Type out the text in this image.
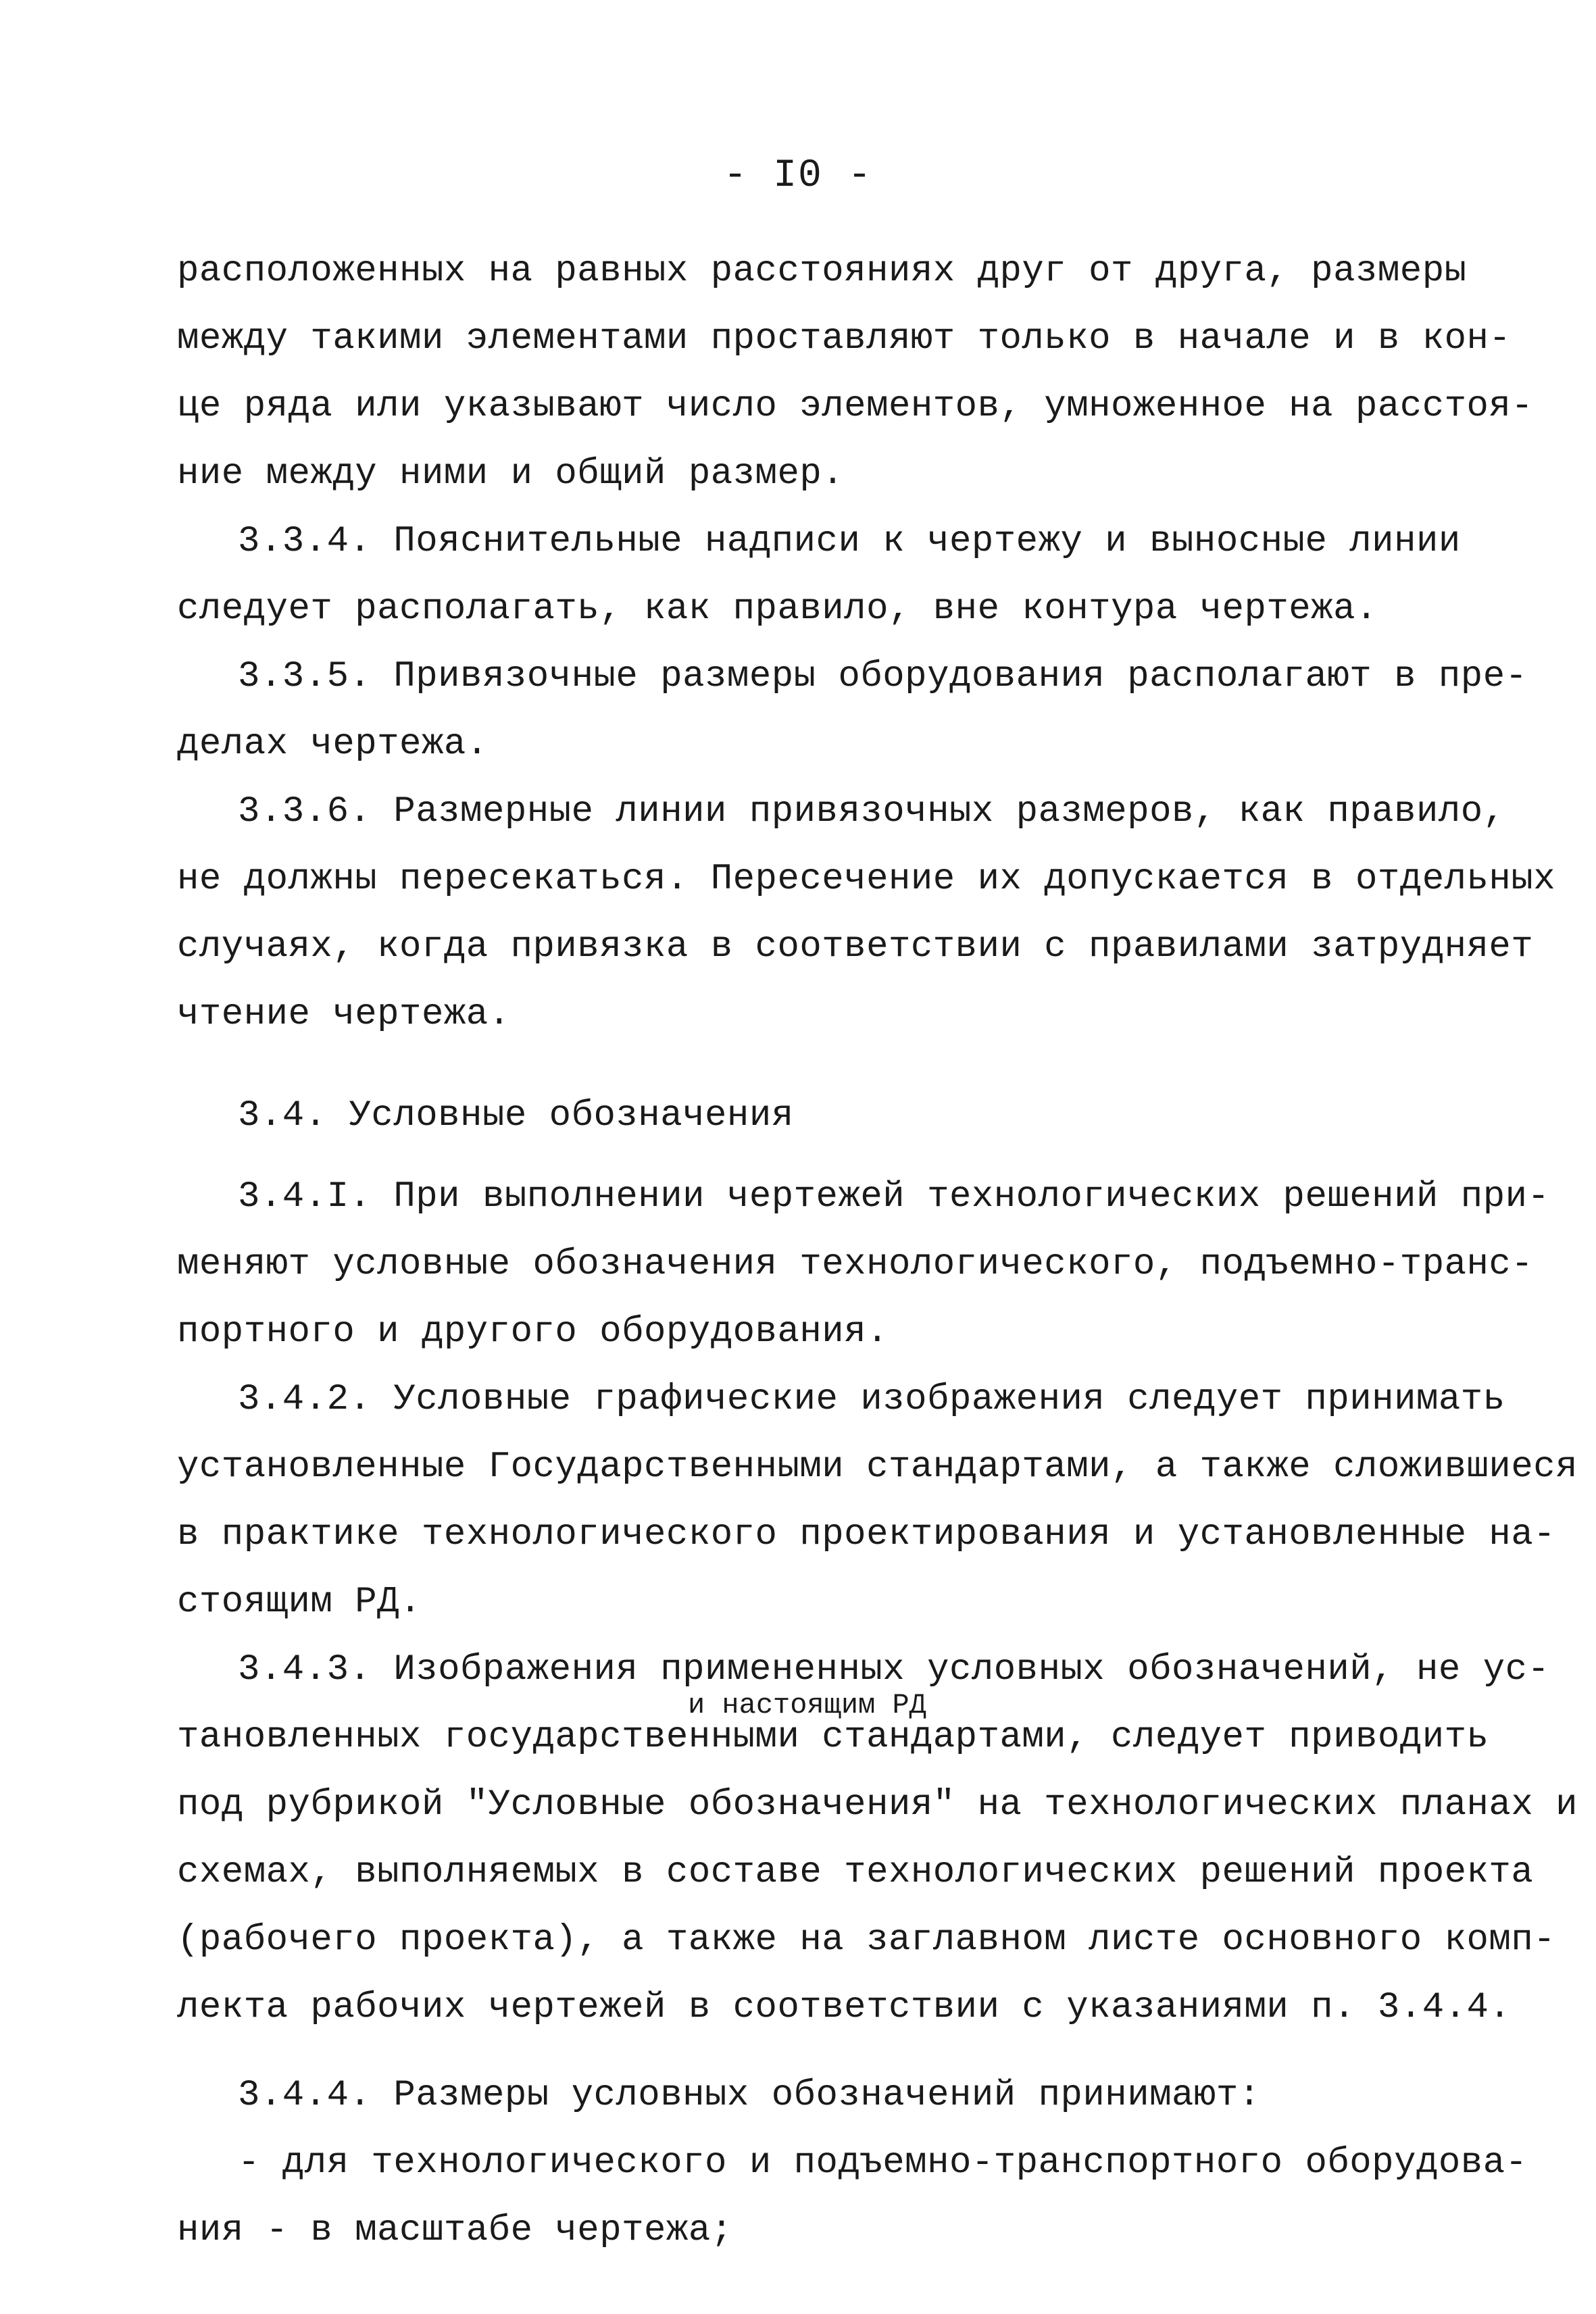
- I0 -
расположенных на равных расстояниях друг от друга, размеры
между такими элементами проставляют только в начале и в кон-
це ряда или указывают число элементов, умноженное на расстоя-
ние между ними и общий размер.
3.3.4. Пояснительные надписи к чертежу и выносные линии
следует располагать, как правило, вне контура чертежа.
3.3.5. Привязочные размеры оборудования располагают в пре-
делах чертежа.
3.3.6. Размерные линии привязочных размеров, как правило,
не должны пересекаться. Пересечение их допускается в отдельных
случаях, когда привязка в соответствии с правилами затрудняет
чтение чертежа.
3.4. Условные обозначения
3.4.I. При выполнении чертежей технологических решений при-
меняют условные обозначения технологического, подъемно-транс-
портного и другого оборудования.
3.4.2. Условные графические изображения следует принимать
установленные Государственными стандартами, а также сложившиеся
в практике технологического проектирования и установленные на-
стоящим РД.
3.4.3. Изображения примененных условных обозначений, не ус-
и настоящим РД
тановленных государственными стандартами, следует приводить
под рубрикой "Условные обозначения" на технологических планах и
схемах, выполняемых в составе технологических решений проекта
(рабочего проекта), а также на заглавном листе основного комп-
лекта рабочих чертежей в соответствии с указаниями п. 3.4.4.
3.4.4. Размеры условных обозначений принимают:
- для технологического и подъемно-транспортного оборудова-
ния - в масштабе чертежа;
